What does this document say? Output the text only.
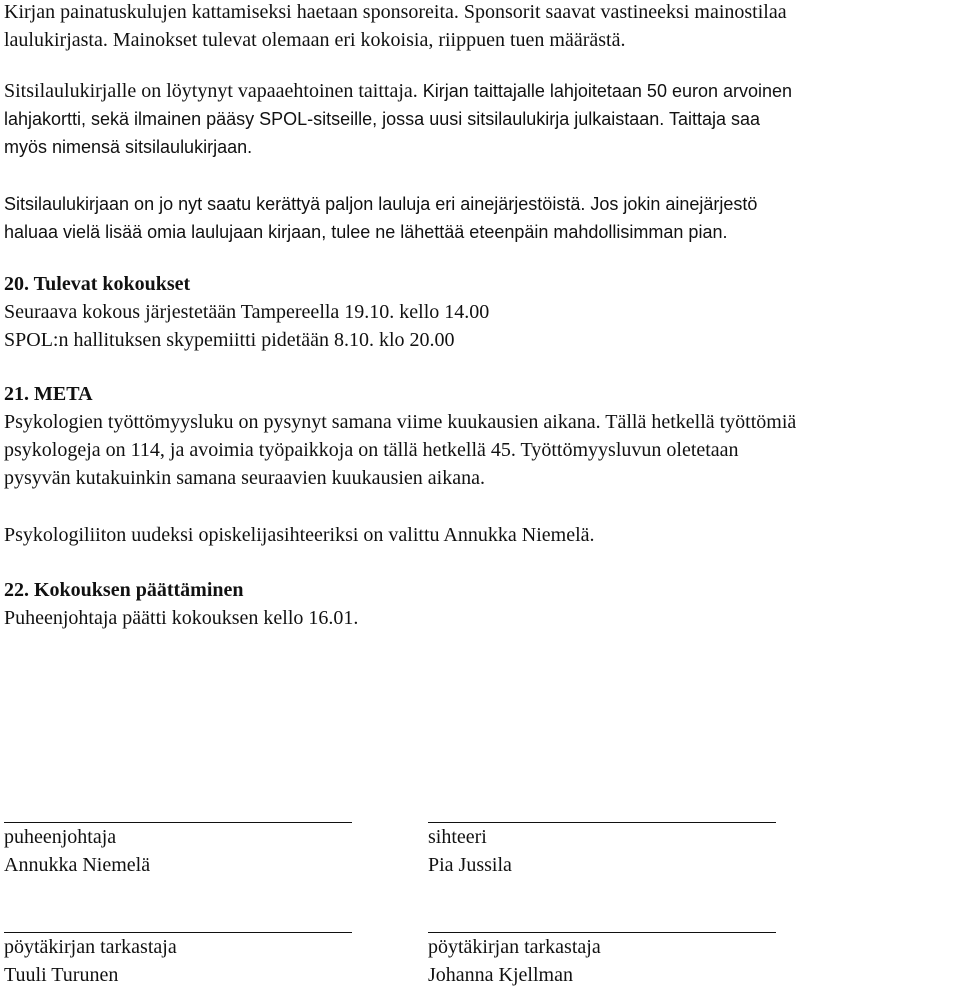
Kirjan painatuskulujen kattamiseksi haetaan sponsoreita. Sponsorit saavat vastineeksi mainostilaa
laulukirjasta. Mainokset tulevat olemaan eri kokoisia, riippuen tuen määrästä.
Sitsilaulukirjalle on löytynyt vapaaehtoinen taittaja. Kirjan taittajalle lahjoitetaan 50 euron arvoinen
lahjakortti, sekä ilmainen pääsy SPOL-sitseille, jossa uusi sitsilaulukirja julkaistaan. Taittaja saa
myös nimensä sitsilaulukirjaan.
Sitsilaulukirjaan on jo nyt saatu kerättyä paljon lauluja eri ainejärjestöistä. Jos jokin ainejärjestö
haluaa vielä lisää omia laulujaan kirjaan, tulee ne lähettää eteenpäin mahdollisimman pian.
20. Tulevat kokoukset
Seuraava kokous järjestetään Tampereella 19.10. kello 14.00
SPOL:n hallituksen skypemiitti pidetään 8.10. klo 20.00
21. META
Psykologien työttömyysluku on pysynyt samana viime kuukausien aikana. Tällä hetkellä työttömiä
psykologeja on 114, ja avoimia työpaikkoja on tällä hetkellä 45. Työttömyysluvun oletetaan
pysyvän kutakuinkin samana seuraavien kuukausien aikana.
Psykologiliiton uudeksi opiskelijasihteeriksi on valittu Annukka Niemelä.
22. Kokouksen päättäminen
Puheenjohtaja päätti kokouksen kello 16.01.
puheenjohtaja
Annukka Niemelä
sihteeri
Pia Jussila
pöytäkirjan tarkastaja
Tuuli Turunen
pöytäkirjan tarkastaja
Johanna Kjellman
